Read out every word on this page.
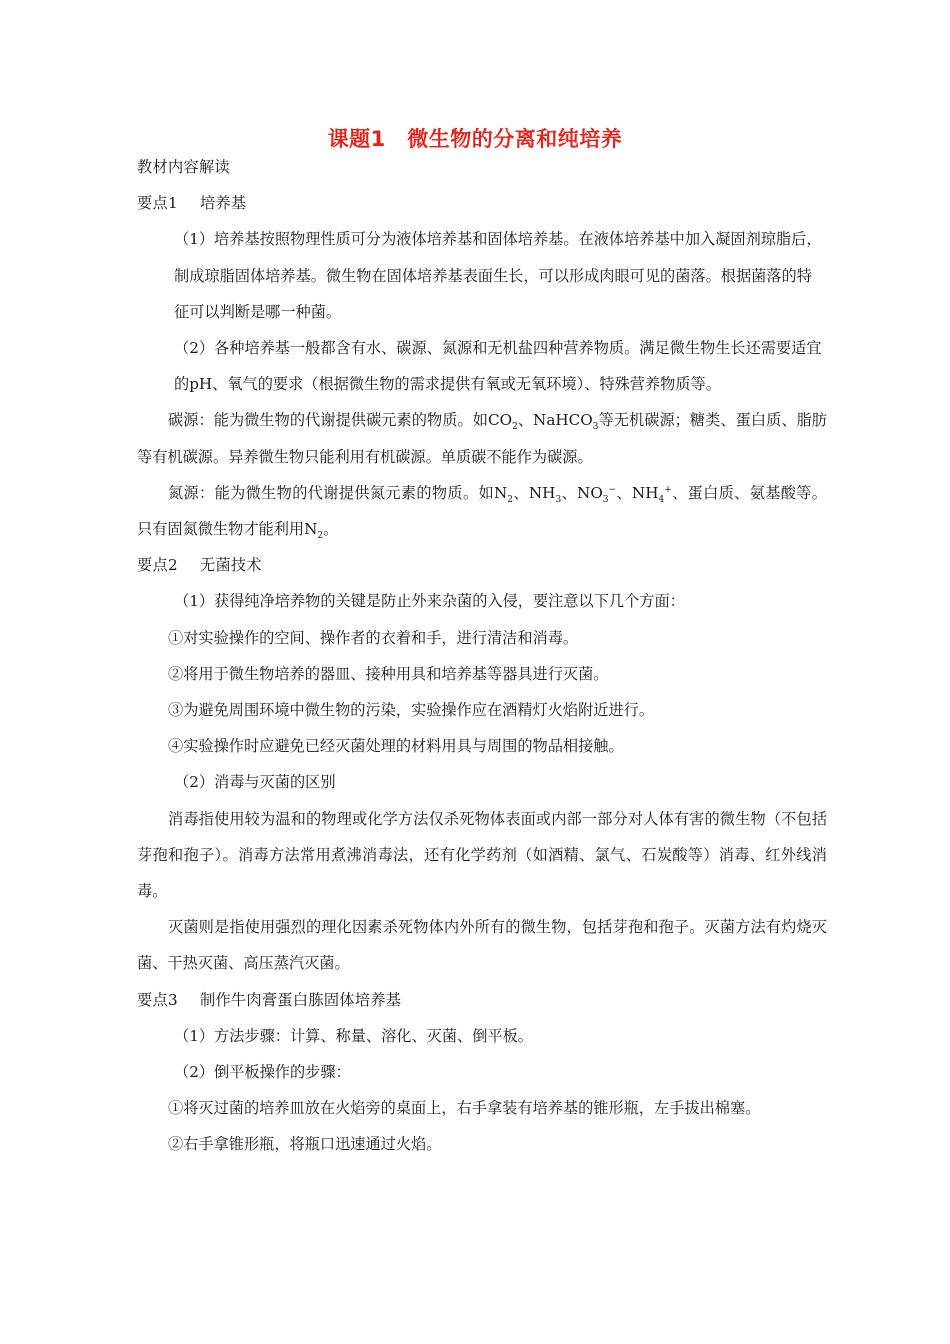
课题1　微生物的分离和纯培养

教材内容解读

要点1 培养基

（1）培养基按照物理性质可分为液体培养基和固体培养基。在液体培养基中加入凝固剂琼脂后，制成琼脂固体培养基。微生物在固体培养基表面生长，可以形成肉眼可见的菌落。根据菌落的特征可以判断是哪一种菌。

（2）各种培养基一般都含有水、碳源、氮源和无机盐四种营养物质。满足微生物生长还需要适宜的pH、氧气的要求（根据微生物的需求提供有氧或无氧环境）、特殊营养物质等。

碳源：能为微生物的代谢提供碳元素的物质。如$CO_2$、NaHCO$_3$等无机碳源；糖类、蛋白质、脂肪等有机碳源。异养微生物只能利用有机碳源。单质碳不能作为碳源。

氮源：能为微生物的代谢提供氮元素的物质。如$N_2$、$NH_3$、$NO_3^-$、$NH_4^+$、蛋白质、氨基酸等。只有固氮微生物才能利用$N_2$。

要点2 无菌技术

（1）获得纯净培养物的关键是防止外来杂菌的入侵，要注意以下几个方面：

①对实验操作的空间、操作者的衣着和手，进行清洁和消毒。

②将用于微生物培养的器皿、接种用具和培养基等器具进行灭菌。

③为避免周围环境中微生物的污染，实验操作应在酒精灯火焰附近进行。

④实验操作时应避免已经灭菌处理的材料用具与周围的物品相接触。

（2）消毒与灭菌的区别

消毒指使用较为温和的物理或化学方法仅杀死物体表面或内部一部分对人体有害的微生物（不包括芽孢和孢子）。消毒方法常用煮沸消毒法，还有化学药剂（如酒精、氯气、石炭酸等）消毒、红外线消毒。

灭菌则是指使用强烈的理化因素杀死物体内外所有的微生物，包括芽孢和孢子。灭菌方法有灼烧灭菌、干热灭菌、高压蒸汽灭菌。

要点3 制作牛肉膏蛋白胨固体培养基

（1）方法步骤：计算、称量、溶化、灭菌、倒平板。

（2）倒平板操作的步骤：

①将灭过菌的培养皿放在火焰旁的桌面上，右手拿装有培养基的锥形瓶，左手拔出棉塞。

②右手拿锥形瓶，将瓶口迅速通过火焰。
